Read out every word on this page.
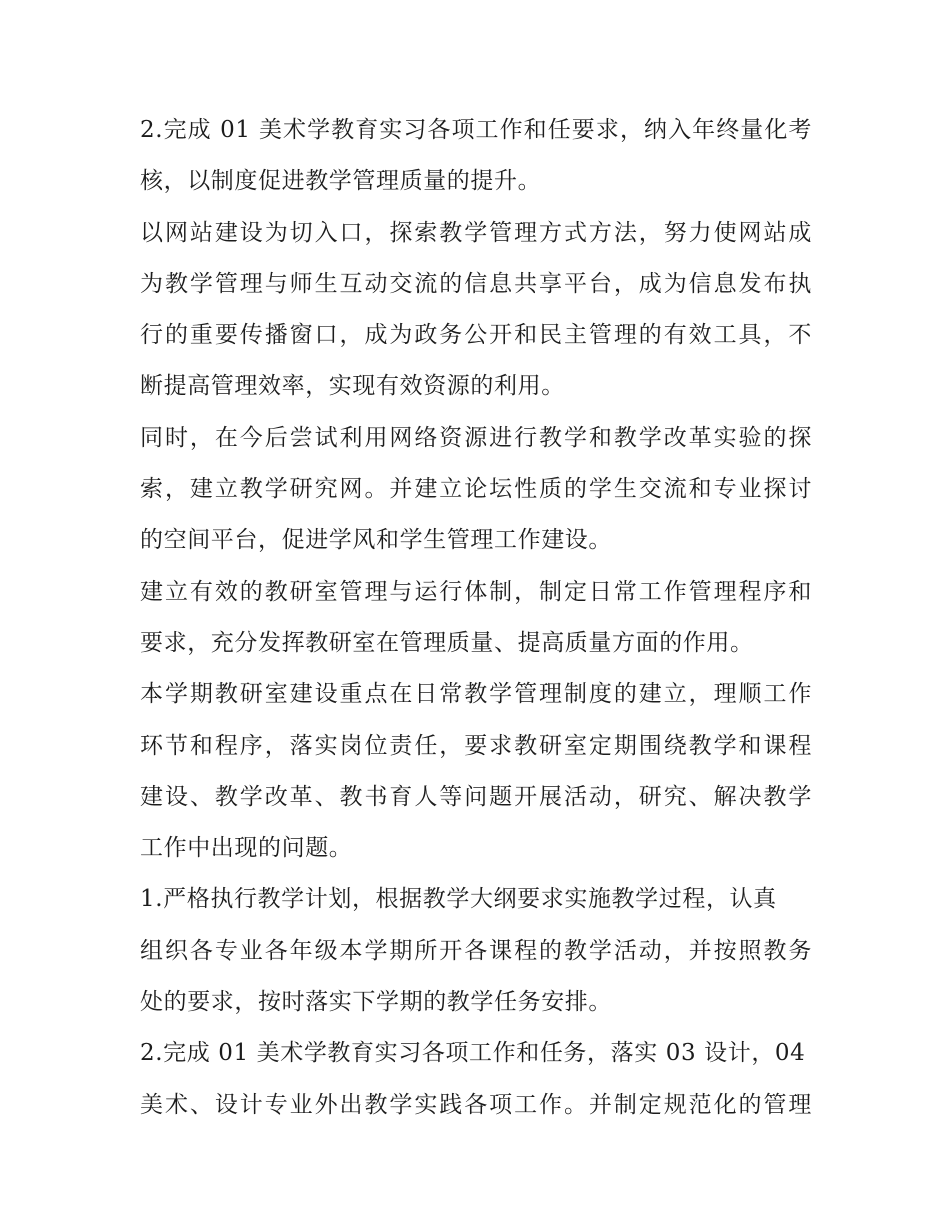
2.完成 01 美术学教育实习各项工作和任要求，纳入年终量化考
核，以制度促进教学管理质量的提升。
以网站建设为切入口，探索教学管理方式方法，努力使网站成
为教学管理与师生互动交流的信息共享平台，成为信息发布执
行的重要传播窗口，成为政务公开和民主管理的有效工具，不
断提高管理效率，实现有效资源的利用。
同时，在今后尝试利用网络资源进行教学和教学改革实验的探
索，建立教学研究网。并建立论坛性质的学生交流和专业探讨
的空间平台，促进学风和学生管理工作建设。
建立有效的教研室管理与运行体制，制定日常工作管理程序和
要求，充分发挥教研室在管理质量、提高质量方面的作用。
本学期教研室建设重点在日常教学管理制度的建立，理顺工作
环节和程序，落实岗位责任，要求教研室定期围绕教学和课程
建设、教学改革、教书育人等问题开展活动，研究、解决教学
工作中出现的问题。
1.严格执行教学计划，根据教学大纲要求实施教学过程，认真
组织各专业各年级本学期所开各课程的教学活动，并按照教务
处的要求，按时落实下学期的教学任务安排。
2.完成 01 美术学教育实习各项工作和任务，落实 03 设计，04
美术、设计专业外出教学实践各项工作。并制定规范化的管理
